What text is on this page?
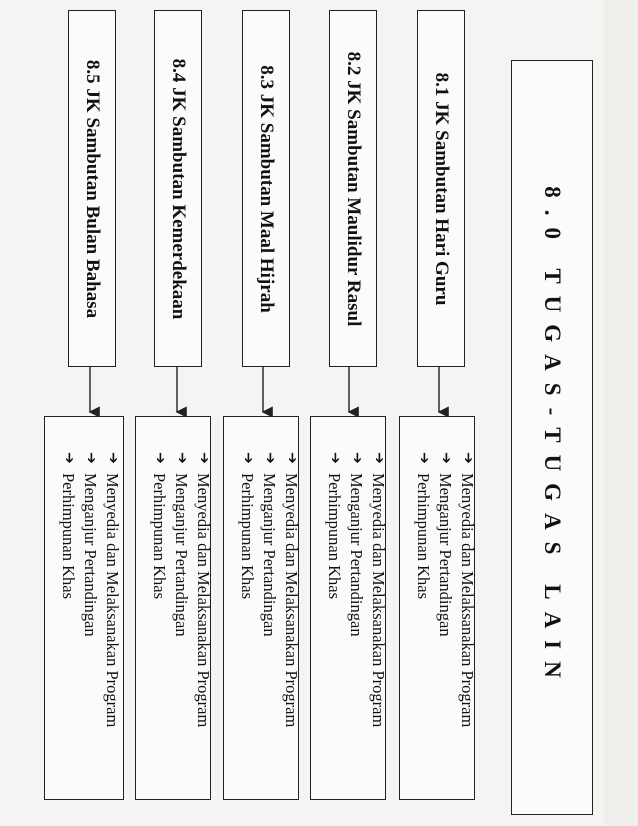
8.0 TUGAS-TUGAS LAIN
8.1 JK Sambutan Hari Guru
8.2 JK Sambutan Maulidur Rasul
8.3 JK Sambutan Maal Hijrah
8.4 JK Sambutan Kemerdekaan
8.5 JK Sambutan Bulan Bahasa
➔
Menyedia dan Melaksanakan Program
➔
Menganjur Pertandingan
➔
Perhimpunan Khas
➔
Menyedia dan Melaksanakan Program
➔
Menganjur Pertandingan
➔
Perhimpunan Khas
➔
Menyedia dan Melaksanakan Program
➔
Menganjur Pertandingan
➔
Perhimpunan Khas
➔
Menyedia dan Melaksanakan Program
➔
Menganjur Pertandingan
➔
Perhimpunan Khas
➔
Menyedia dan Melaksanakan Program
➔
Menganjur Pertandingan
➔
Perhimpunan Khas
